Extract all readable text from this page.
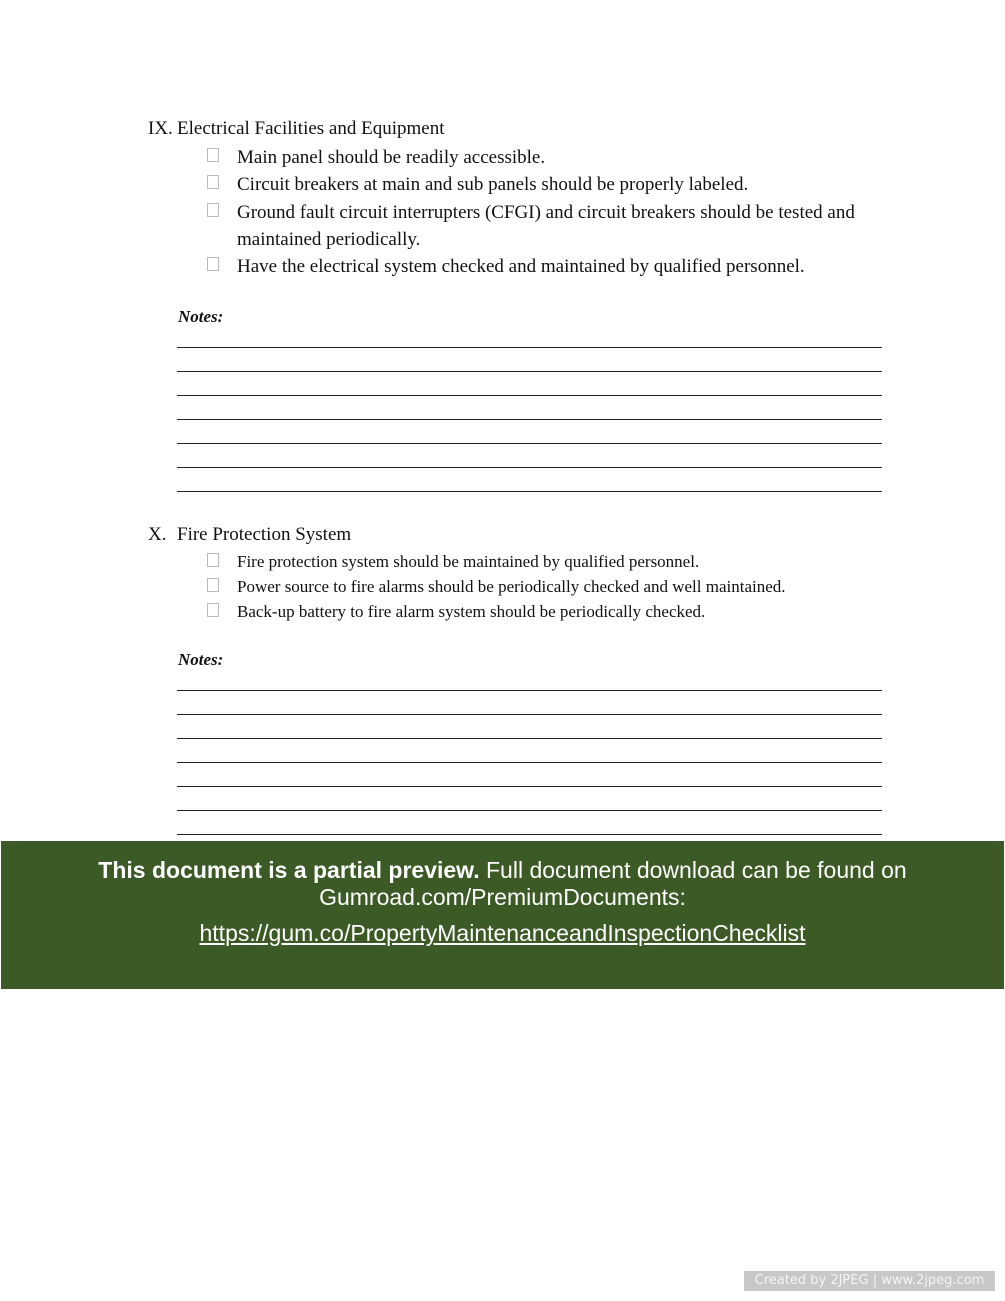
IX. Electrical Facilities and Equipment
Main panel should be readily accessible.
Circuit breakers at main and sub panels should be properly labeled.
Ground fault circuit interrupters (CFGI) and circuit breakers should be tested and maintained periodically.
Have the electrical system checked and maintained by qualified personnel.
Notes:
X. Fire Protection System
Fire protection system should be maintained by qualified personnel.
Power source to fire alarms should be periodically checked and well maintained.
Back-up battery to fire alarm system should be periodically checked.
Notes:
This document is a partial preview. Full document download can be found on Gumroad.com/PremiumDocuments:
https://gum.co/PropertyMaintenanceandInspectionChecklist
Created by 2JPEG | www.2jpeg.com
